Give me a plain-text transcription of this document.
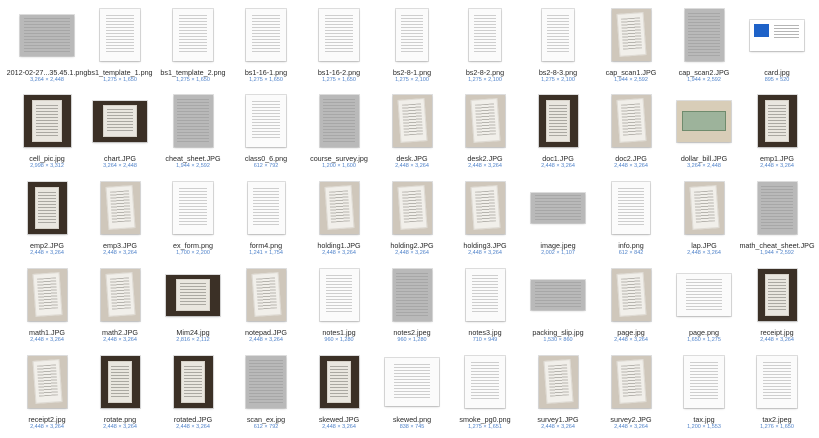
2012-02-27...35.45.1.png
3,264 × 2,448
bs1_template_1.png
1,275 × 1,650
bs1_template_2.png
1,275 × 1,650
bs1-16-1.png
1,275 × 1,650
bs1-16-2.png
1,275 × 1,650
bs2-8-1.png
1,275 × 2,100
bs2-8-2.png
1,275 × 2,100
bs2-8-3.png
1,275 × 2,100
cap_scan1.JPG
1,944 × 2,592
cap_scan2.JPG
1,944 × 2,592
card.jpg
895 × 520
cell_pic.jpg
2,998 × 3,312
chart.JPG
3,264 × 2,448
cheat_sheet.JPG
1,944 × 2,592
class0_6.png
612 × 792
course_survey.jpg
1,200 × 1,600
desk.JPG
2,448 × 3,264
desk2.JPG
2,448 × 3,264
doc1.JPG
2,448 × 3,264
doc2.JPG
2,448 × 3,264
dollar_bill.JPG
3,264 × 2,448
emp1.JPG
2,448 × 3,264
emp2.JPG
2,448 × 3,264
emp3.JPG
2,448 × 3,264
ex_form.png
1,700 × 2,200
form4.png
1,241 × 1,754
holding1.JPG
2,448 × 3,264
holding2.JPG
2,448 × 3,264
holding3.JPG
2,448 × 3,264
image.jpeg
2,002 × 1,107
info.png
612 × 842
lap.JPG
2,448 × 3,264
math_cheat_sheet.JPG
1,944 × 2,592
math1.JPG
2,448 × 3,264
math2.JPG
2,448 × 3,264
Mim24.jpg
2,816 × 2,112
notepad.JPG
2,448 × 3,264
notes1.jpg
960 × 1,280
notes2.jpeg
960 × 1,280
notes3.jpg
710 × 949
packing_slip.jpg
1,530 × 860
page.jpg
2,448 × 3,264
page.png
1,650 × 1,275
receipt.jpg
2,448 × 3,264
receipt2.jpg
2,448 × 3,264
rotate.png
2,448 × 3,264
rotated.JPG
2,448 × 3,264
scan_ex.jpg
612 × 792
skewed.JPG
2,448 × 3,264
skewed.png
838 × 745
smoke_pg0.png
1,275 × 1,651
survey1.JPG
2,448 × 3,264
survey2.JPG
2,448 × 3,264
tax.jpg
1,200 × 1,553
tax2.jpeg
1,276 × 1,650
